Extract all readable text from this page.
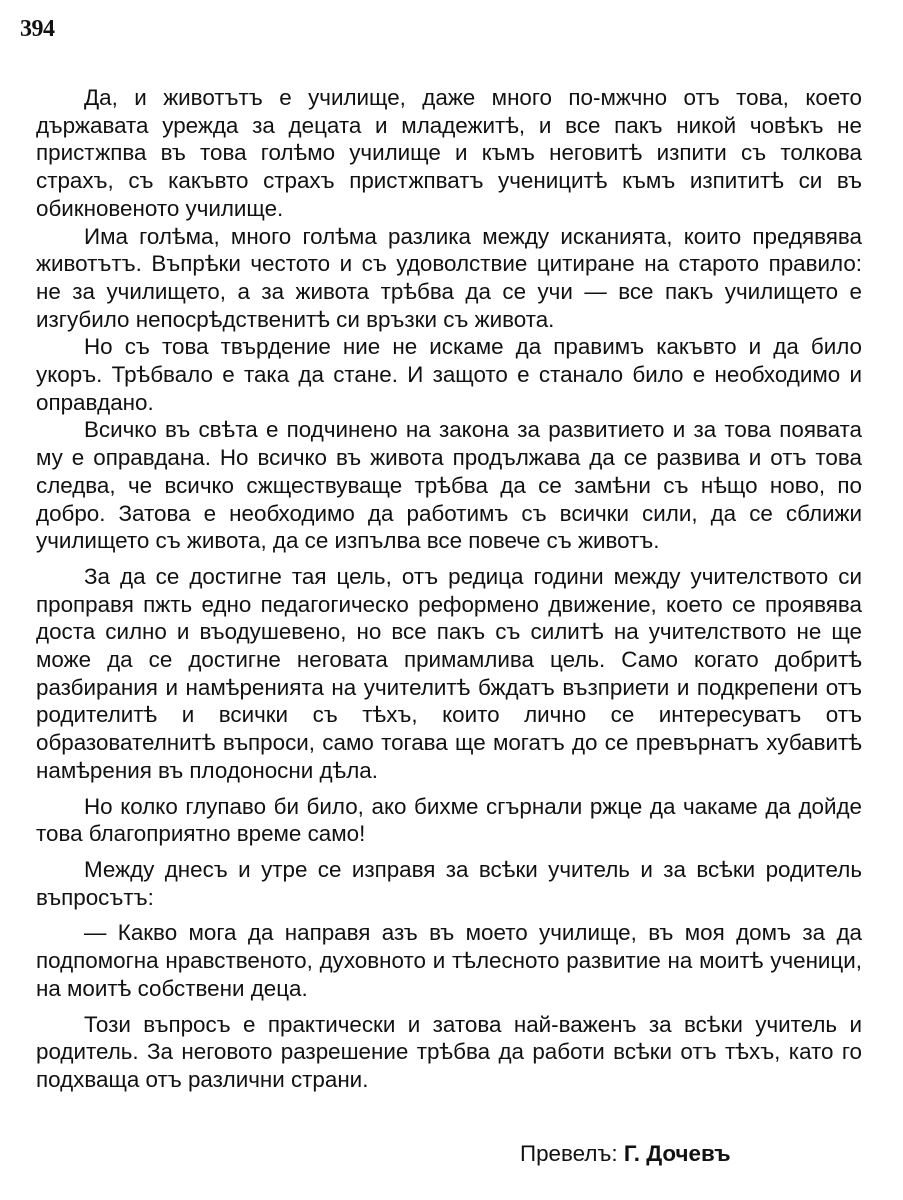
394

Да, и животътъ е училище, даже много по-мжчно отъ това, което държавата урежда за децата и младежитѣ, и все пакъ никой човѣкъ не пристжпва въ това голѣмо училище и къмъ неговитѣ изпити съ толкова страхъ, съ какъвто страхъ пристжпватъ ученицитѣ къмъ изпититѣ си въ обикновеното училище.

Има голѣма, много голѣма разлика между исканията, които предявява животътъ. Въпрѣки честото и съ удоволствие цитиране на старото правило: не за училището, а за живота трѣбва да се учи — все пакъ училището е изгубило непосрѣдственитѣ си връзки съ живота.

Но съ това твърдение ние не искаме да правимъ какъвто и да било укоръ. Трѣбвало е така да стане. И защото е станало било е необходимо и оправдано.

Всичко въ свѣта е подчинено на закона за развитието и за това появата му е оправдана. Но всичко въ живота продължава да се развива и отъ това следва, че всичко сжществуваще трѣбва да се замѣни съ нѣщо ново, по добро. Затова е необходимо да работимъ съ всички сили, да се сближи училището съ живота, да се изпълва все повече съ животъ.

За да се достигне тая цель, отъ редица години между учителството си проправя пжть едно педагогическо реформено движение, което се проявява доста силно и въодушевено, но все пакъ съ силитѣ на учителството не ще може да се достигне неговата примамлива цель. Само когато добритѣ разбирания и намѣренията на учителитѣ бждатъ възприети и подкрепени отъ родителитѣ и всички съ тѣхъ, които лично се интересуватъ отъ образователнитѣ въпроси, само тогава ще могатъ до се превърнатъ хубавитѣ намѣрения въ плодоносни дѣла.

Но колко глупаво би било, ако бихме сгърнали ржце да чакаме да дойде това благоприятно време само!

Между днесъ и утре се изправя за всѣки учитель и за всѣки родитель въпросътъ:

— Какво мога да направя азъ въ моето училище, въ моя домъ за да подпомогна нравственото, духовното и тѣлесното развитие на моитѣ ученици, на моитѣ собствени деца.

Този въпросъ е практически и затова най-важенъ за всѣки учитель и родитель. За неговото разрешение трѣбва да работи всѣки отъ тѣхъ, като го подхваща отъ различни страни.

Превелъ: Г. Дочевъ
